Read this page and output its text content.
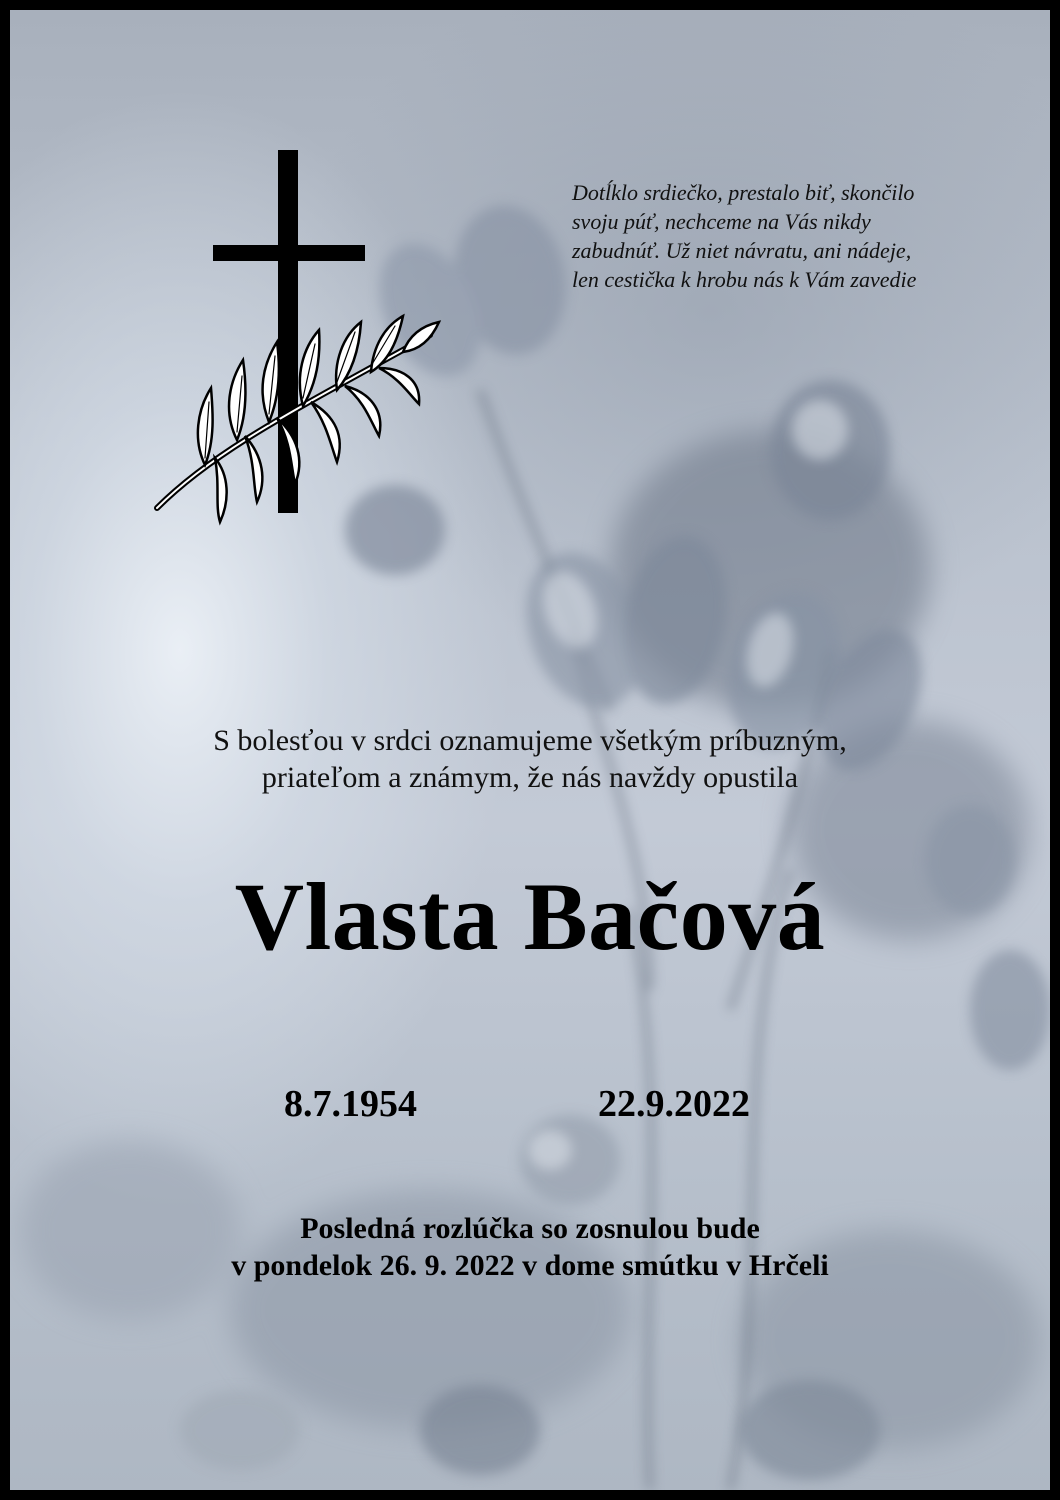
Dotĺklo srdiečko, prestalo biť, skončilo
svoju púť, nechceme na Vás nikdy
zabudnúť. Už niet návratu, ani nádeje,
len cestička k hrobu nás k Vám zavedie
S bolesťou v srdci oznamujeme všetkým príbuzným,
priateľom a známym, že nás navždy opustila
Vlasta Bačová
8.7.1954	22.9.2022
Posledná rozlúčka so zosnulou bude
v pondelok 26. 9. 2022 v dome smútku v Hrčeli
